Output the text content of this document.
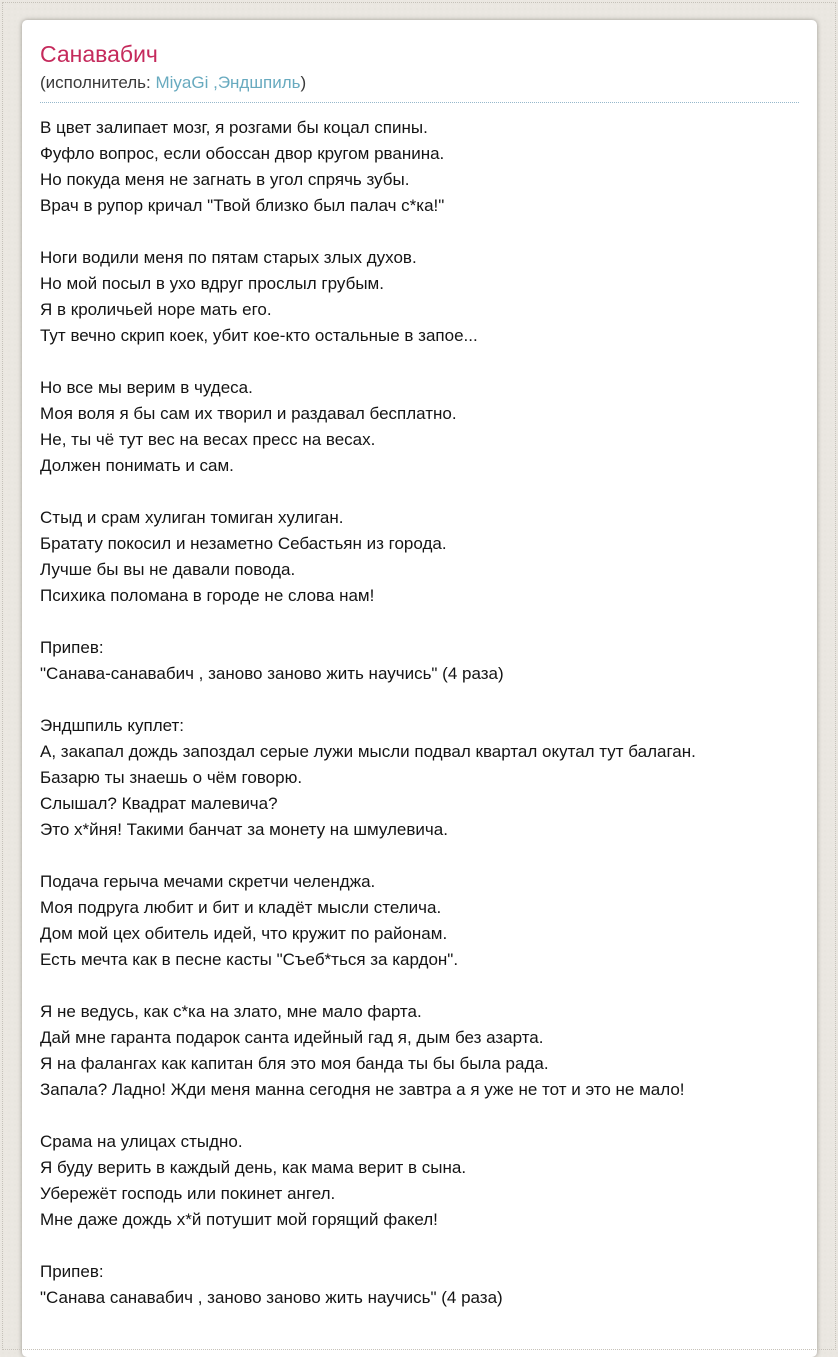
Санавабич
(исполнитель: MiyaGi ,Эндшпиль)
В цвет залипает мозг, я розгами бы коцал спины.
Фуфло вопрос, если обоссан двор кругом рванина.
Но покуда меня не загнать в угол спрячь зубы.
Врач в рупор кричал "Твой близко был палач с*ка!"
Ноги водили меня по пятам старых злых духов.
Но мой посыл в ухо вдруг прослыл грубым.
Я в кроличьей норе мать его.
Тут вечно скрип коек, убит кое-кто остальные в запое...
Но все мы верим в чудеса.
Моя воля я бы сам их творил и раздавал бесплатно.
Не, ты чё тут вес на весах пресс на весах.
Должен понимать и сам.
Стыд и срам хулиган томиган хулиган.
Братату покосил и незаметно Себастьян из города.
Лучше бы вы не давали повода.
Психика поломана в городе не слова нам!
Припев:
"Санава-санавабич , заново заново жить научись" (4 раза)
Эндшпиль куплет:
А, закапал дождь запоздал серые лужи мысли подвал квартал окутал тут балаган.
Базарю ты знаешь о чём говорю.
Слышал? Квадрат малевича?
Это х*йня! Такими банчат за монету на шмулевича.
Подача герыча мечами скретчи челенджа.
Моя подруга любит и бит и кладёт мысли стелича.
Дом мой цех обитель идей, что кружит по районам.
Есть мечта как в песне касты "Съеб*ться за кардон".
Я не ведусь, как с*ка на злато, мне мало фарта.
Дай мне гаранта подарок санта идейный гад я, дым без азарта.
Я на фалангах как капитан бля это моя банда ты бы была рада.
Запала? Ладно! Жди меня манна сегодня не завтра а я уже не тот и это не мало!
Срама на улицах стыдно.
Я буду верить в каждый день, как мама верит в сына.
Убережёт господь или покинет ангел.
Мне даже дождь х*й потушит мой горящий факел!
Припев:
"Санава санавабич , заново заново жить научись" (4 раза)
